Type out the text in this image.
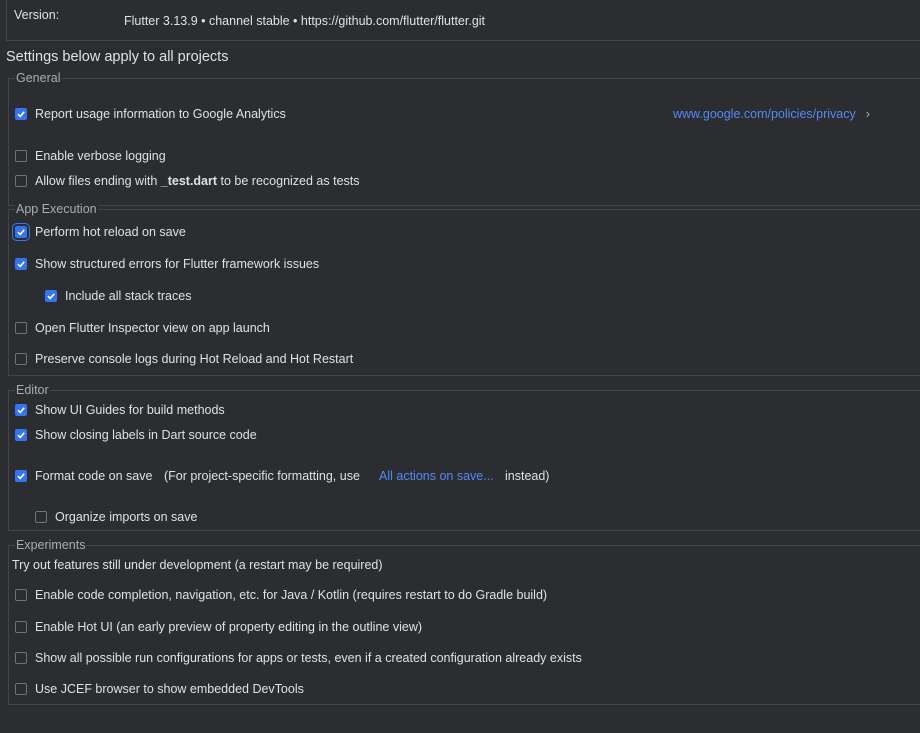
Version:	Flutter 3.13.9 • channel stable • https://github.com/flutter/flutter.git
Settings below apply to all projects
General
Report usage information to Google Analytics	www.google.com/policies/privacy ›
Enable verbose logging
Allow files ending with _test.dart to be recognized as tests
App Execution
Perform hot reload on save
Show structured errors for Flutter framework issues
Include all stack traces
Open Flutter Inspector view on app launch
Preserve console logs during Hot Reload and Hot Restart
Editor
Show UI Guides for build methods
Show closing labels in Dart source code
Format code on save (For project-specific formatting, use All actions on save... instead)
Organize imports on save
Experiments
Try out features still under development (a restart may be required)
Enable code completion, navigation, etc. for Java / Kotlin (requires restart to do Gradle build)
Enable Hot UI (an early preview of property editing in the outline view)
Show all possible run configurations for apps or tests, even if a created configuration already exists
Use JCEF browser to show embedded DevTools
